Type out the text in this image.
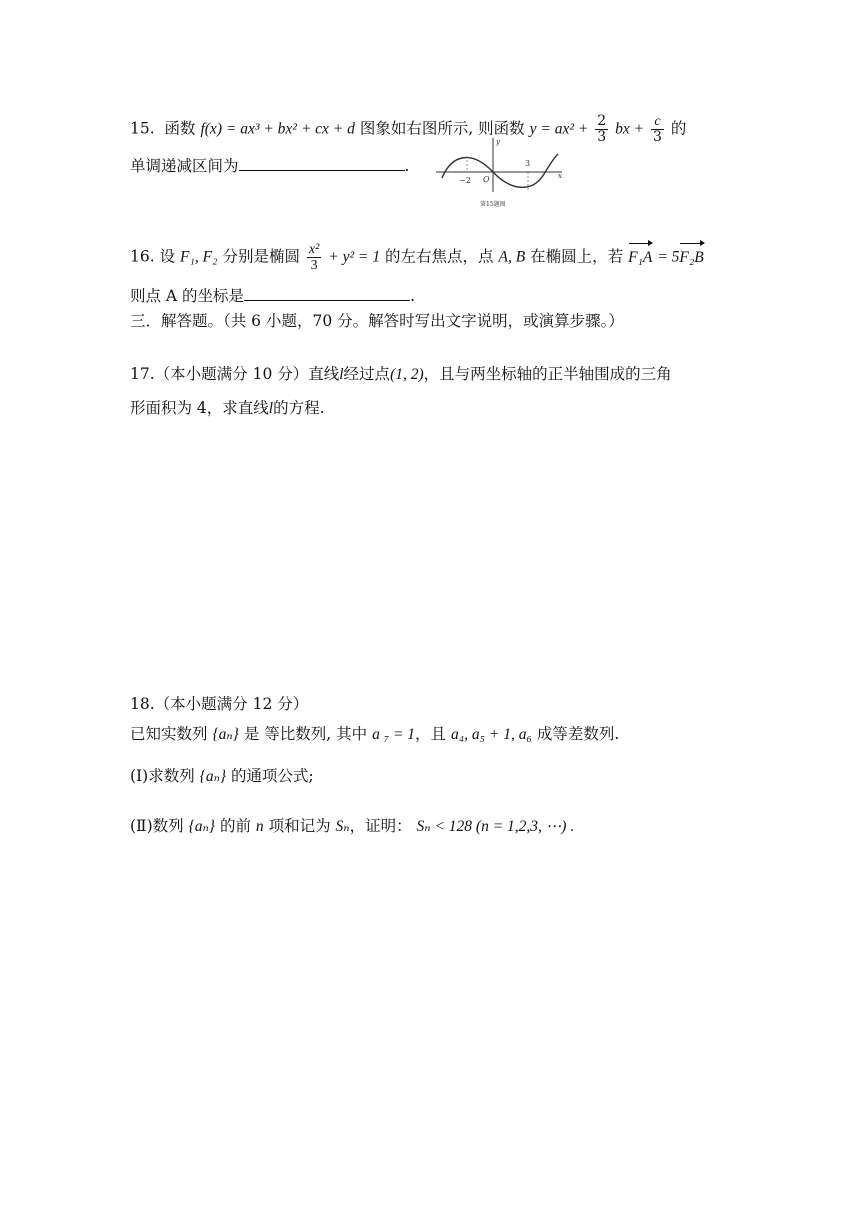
15. 函数 f(x) = ax³ + bx² + cx + d 图象如右图所示, 则函数 $y = ax^2 + \frac{2}{3}$ bx + $\frac{c}{3}$ 的
单调递减区间为	.
y
x
O
−2
3
第15题图
16. 设 F₁, F₂ 分别是椭圆 $\frac{\text{x²}}{3} + y^2 = 1$ 的左右焦点，点 A, B 在椭圆上，若 F₁A = 5F₂B
则点 A 的坐标是	.
三．解答题。（共 6 小题，70 分。解答时写出文字说明，或演算步骤。）
17.（本小题满分 10 分）直线l经过点(1, 2)，且与两坐标轴的正半轴围成的三角
形面积为 4，求直线l的方程.
18.（本小题满分 12 分）
已知实数列 {aₙ} 是 等比数列, 其中 a ₇ = 1，且 a₄, a₅ + 1, a₆ 成等差数列.
(Ⅰ)求数列 {aₙ} 的通项公式;
(Ⅱ)数列 {aₙ} 的前 n 项和记为 Sₙ，证明： Sₙ < 128 (n = 1,2,3, ⋯) .
